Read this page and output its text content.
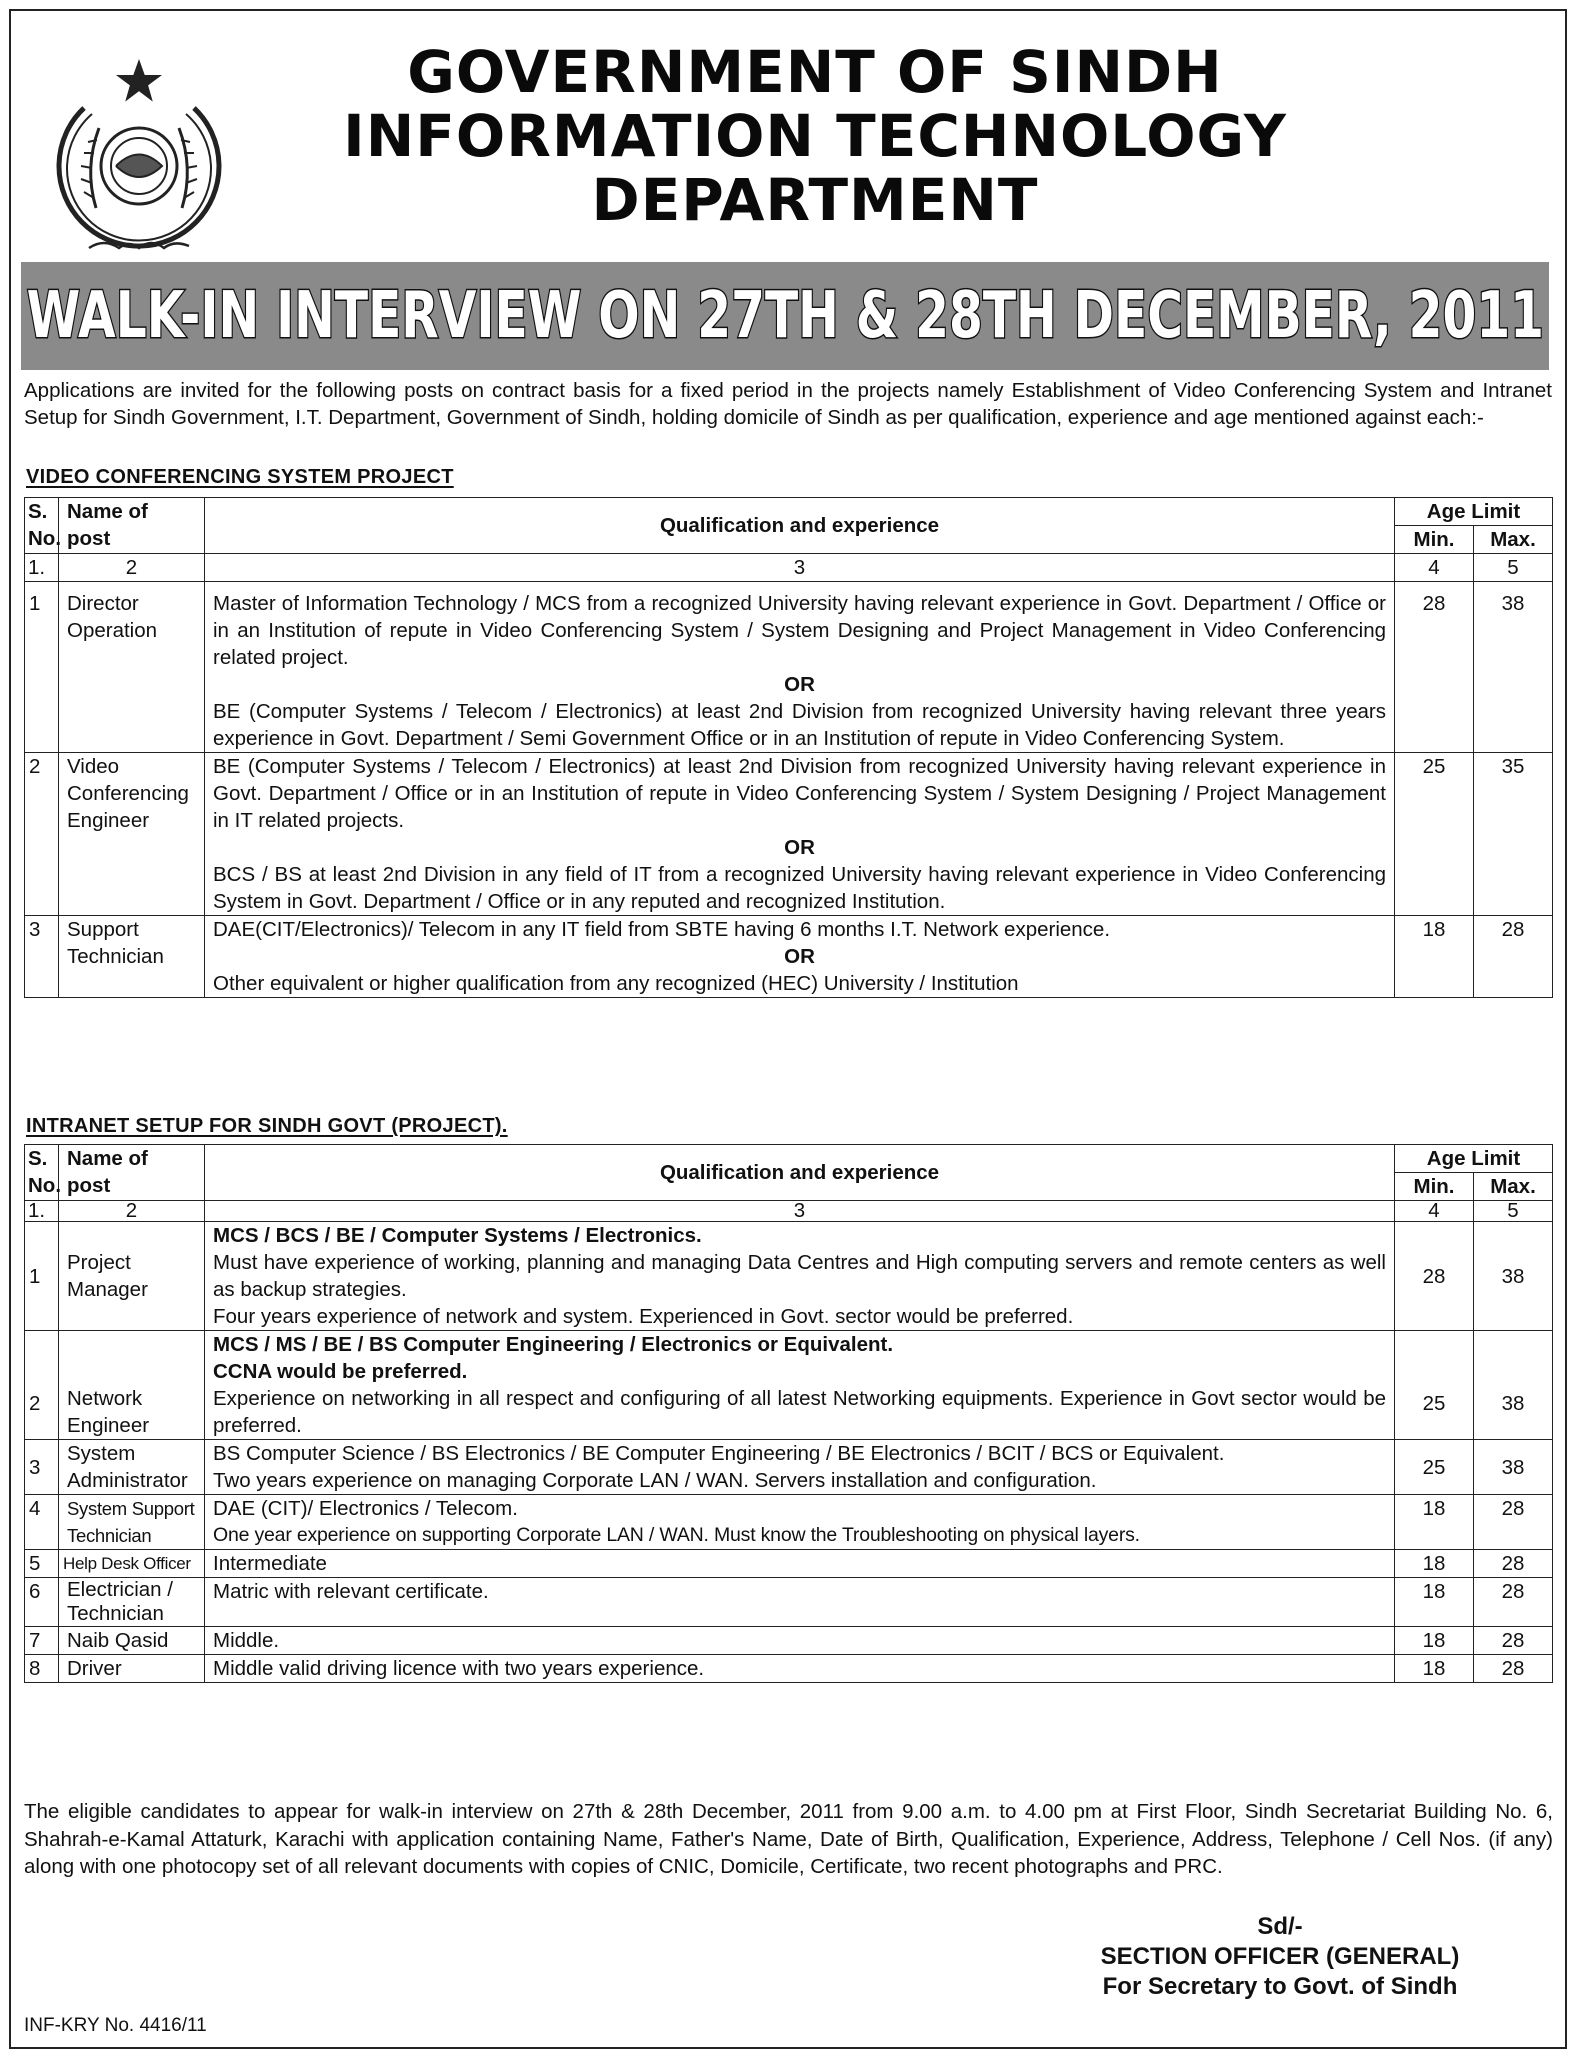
GOVERNMENT OF SINDH
INFORMATION TECHNOLOGY
DEPARTMENT
WALK-IN INTERVIEW ON 27TH & 28TH DECEMBER, 2011
Applications are invited for the following posts on contract basis for a fixed period in the projects namely Establishment of Video Conferencing System and Intranet Setup for Sindh Government, I.T. Department, Government of Sindh, holding domicile of Sindh as per qualification, experience and age mentioned against each:-
VIDEO CONFERENCING SYSTEM PROJECT
S. No.	Name of post	Qualification and experience	Age Limit	
			Min.	Max.
1.	2	3	4	5
1	Director Operation	Master of Information Technology / MCS from a recognized University having relevant experience in Govt. Department / Office or in an Institution of repute in Video Conferencing System / System Designing and Project Management in Video Conferencing related project.
OR
BE (Computer Systems / Telecom / Electronics) at least 2nd Division from recognized University having relevant three years experience in Govt. Department / Semi Government Office or in an Institution of repute in Video Conferencing System.	28	38
2	Video Conferencing Engineer	BE (Computer Systems / Telecom / Electronics) at least 2nd Division from recognized University having relevant experience in Govt. Department / Office or in an Institution of repute in Video Conferencing System / System Designing / Project Management in IT related projects.
OR
BCS / BS at least 2nd Division in any field of IT from a recognized University having relevant experience in Video Conferencing System in Govt. Department / Office or in any reputed and recognized Institution.	25	35
3	Support Technician	DAE(CIT/Electronics)/ Telecom in any IT field from SBTE having 6 months I.T. Network experience.
OR
Other equivalent or higher qualification from any recognized (HEC) University / Institution	18	28
INTRANET SETUP FOR SINDH GOVT (PROJECT).
S. No.	Name of post	Qualification and experience	Age Limit	
			Min.	Max.
1.	2	3	4	5
1	Project Manager	MCS / BCS / BE / Computer Systems / Electronics.
Must have experience of working, planning and managing Data Centres and High computing servers and remote centers as well as backup strategies.
Four years experience of network and system. Experienced in Govt. sector would be preferred.	28	38
2	Network Engineer	MCS / MS / BE / BS Computer Engineering / Electronics or Equivalent.
CCNA would be preferred.
Experience on networking in all respect and configuring of all latest Networking equipments. Experience in Govt sector would be preferred.	25	38
3	System Administrator	BS Computer Science / BS Electronics / BE Computer Engineering / BE Electronics / BCIT / BCS or Equivalent.
Two years experience on managing Corporate LAN / WAN. Servers installation and configuration.	25	38
4	System Support Technician	DAE (CIT)/ Electronics / Telecom.
One year experience on supporting Corporate LAN / WAN. Must know the Troubleshooting on physical layers.	18	28
5	Help Desk Officer	Intermediate	18	28
6	Electrician / Technician	Matric with relevant certificate.	18	28
7	Naib Qasid	Middle.	18	28
8	Driver	Middle valid driving licence with two years experience.	18	28
The eligible candidates to appear for walk-in interview on 27th & 28th December, 2011 from 9.00 a.m. to 4.00 pm at First Floor, Sindh Secretariat Building No. 6, Shahrah-e-Kamal Attaturk, Karachi with application containing Name, Father's Name, Date of Birth, Qualification, Experience, Address, Telephone / Cell Nos. (if any) along with one photocopy set of all relevant documents with copies of CNIC, Domicile, Certificate, two recent photographs and PRC.
Sd/-
SECTION OFFICER (GENERAL)
For Secretary to Govt. of Sindh
INF-KRY No. 4416/11
